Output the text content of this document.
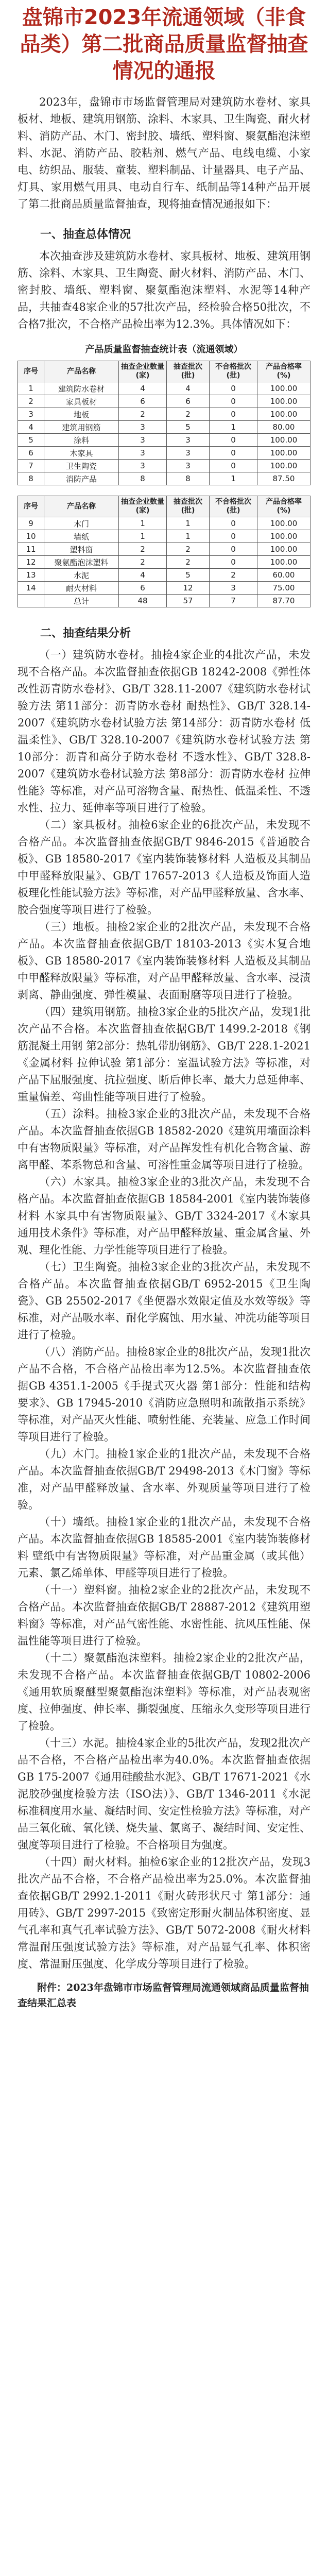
盘锦市2023年流通领域（非食品类）第二批商品质量监督抽查情况的通报

2023年，盘锦市市场监督管理局对建筑防水卷材、家具板材、地板、建筑用钢筋、涂料、木家具、卫生陶瓷、耐火材料、消防产品、木门、密封胶、墙纸、塑料窗、聚氨酯泡沫塑料、水泥、消防产品、胶粘剂、燃气产品、电线电缆、小家电、纺织品、服装、童装、塑料制品、计量器具、电子产品、灯具、家用燃气用具、电动自行车、纸制品等14种产品开展了第二批商品质量监督抽查，现将抽查情况通报如下：

一、抽查总体情况

本次抽查涉及建筑防水卷材、家具板材、地板、建筑用钢筋、涂料、木家具、卫生陶瓷、耐火材料、消防产品、木门、密封胶、墙纸、塑料窗、聚氨酯泡沫塑料、水泥等14种产品，共抽查48家企业的57批次产品，经检验合格50批次，不合格7批次，不合格产品检出率为12.3%。具体情况如下：

产品质量监督抽查统计表（流通领域）
序号	产品名称	抽查企业数量(家)	抽查批次(批)	不合格批次(批)	产品合格率(%)
1	建筑防水卷材	4	4	0	100.00
2	家具板材	6	6	0	100.00
3	地板	2	2	0	100.00
4	建筑用钢筋	3	5	1	80.00
5	涂料	3	3	0	100.00
6	木家具	3	3	0	100.00
7	卫生陶瓷	3	3	0	100.00
8	消防产品	8	8	1	87.50
序号	产品名称	抽查企业数量(家)	抽查批次(批)	不合格批次(批)	产品合格率(%)
9	木门	1	1	0	100.00
10	墙纸	1	1	0	100.00
11	塑料窗	2	2	0	100.00
12	聚氨酯泡沫塑料	2	2	0	100.00
13	水泥	4	5	2	60.00
14	耐火材料	6	12	3	75.00
	总计	48	57	7	87.70
二、抽查结果分析

（一）建筑防水卷材。抽检4家企业的4批次产品，未发现不合格产品。本次监督抽查依据GB 18242-2008《弹性体改性沥青防水卷材》、GB/T 328.11-2007《建筑防水卷材试验方法 第11部分：沥青防水卷材 耐热性》、GB/T 328.14-2007《建筑防水卷材试验方法 第14部分：沥青防水卷材 低温柔性》、GB/T 328.10-2007《建筑防水卷材试验方法 第10部分：沥青和高分子防水卷材 不透水性》、GB/T 328.8-2007《建筑防水卷材试验方法 第8部分：沥青防水卷材 拉伸性能》等标准，对产品可溶物含量、耐热性、低温柔性、不透水性、拉力、延伸率等项目进行了检验。

（二）家具板材。抽检6家企业的6批次产品，未发现不合格产品。本次监督抽查依据GB/T 9846-2015《普通胶合板》、GB 18580-2017《室内装饰装修材料 人造板及其制品中甲醛释放限量》、GB/T 17657-2013《人造板及饰面人造板理化性能试验方法》等标准，对产品甲醛释放量、含水率、胶合强度等项目进行了检验。

（三）地板。抽检2家企业的2批次产品，未发现不合格产品。本次监督抽查依据GB/T 18103-2013《实木复合地板》、GB 18580-2017《室内装饰装修材料 人造板及其制品中甲醛释放限量》等标准，对产品甲醛释放量、含水率、浸渍剥离、静曲强度、弹性模量、表面耐磨等项目进行了检验。

（四）建筑用钢筋。抽检3家企业的5批次产品，发现1批次产品不合格。本次监督抽查依据GB/T 1499.2-2018《钢筋混凝土用钢 第2部分：热轧带肋钢筋》、GB/T 228.1-2021《金属材料 拉伸试验 第1部分：室温试验方法》等标准，对产品下屈服强度、抗拉强度、断后伸长率、最大力总延伸率、重量偏差、弯曲性能等项目进行了检验。

（五）涂料。抽检3家企业的3批次产品，未发现不合格产品。本次监督抽查依据GB 18582-2020《建筑用墙面涂料中有害物质限量》等标准，对产品挥发性有机化合物含量、游离甲醛、苯系物总和含量、可溶性重金属等项目进行了检验。

（六）木家具。抽检3家企业的3批次产品，未发现不合格产品。本次监督抽查依据GB 18584-2001《室内装饰装修材料 木家具中有害物质限量》、GB/T 3324-2017《木家具通用技术条件》等标准，对产品甲醛释放量、重金属含量、外观、理化性能、力学性能等项目进行了检验。

（七）卫生陶瓷。抽检3家企业的3批次产品，未发现不合格产品。本次监督抽查依据GB/T 6952-2015《卫生陶瓷》、GB 25502-2017《坐便器水效限定值及水效等级》等标准，对产品吸水率、耐化学腐蚀、用水量、冲洗功能等项目进行了检验。

（八）消防产品。抽检8家企业的8批次产品，发现1批次产品不合格，不合格产品检出率为12.5%。本次监督抽查依据GB 4351.1-2005《手提式灭火器 第1部分：性能和结构要求》、GB 17945-2010《消防应急照明和疏散指示系统》等标准，对产品灭火性能、喷射性能、充装量、应急工作时间等项目进行了检验。

（九）木门。抽检1家企业的1批次产品，未发现不合格产品。本次监督抽查依据GB/T 29498-2013《木门窗》等标准，对产品甲醛释放量、含水率、外观质量等项目进行了检验。

（十）墙纸。抽检1家企业的1批次产品，未发现不合格产品。本次监督抽查依据GB 18585-2001《室内装饰装修材料 壁纸中有害物质限量》等标准，对产品重金属（或其他）元素、氯乙烯单体、甲醛等项目进行了检验。

（十一）塑料窗。抽检2家企业的2批次产品，未发现不合格产品。本次监督抽查依据GB/T 28887-2012《建筑用塑料窗》等标准，对产品气密性能、水密性能、抗风压性能、保温性能等项目进行了检验。

（十二）聚氨酯泡沫塑料。抽检2家企业的2批次产品，未发现不合格产品。本次监督抽查依据GB/T 10802-2006《通用软质聚醚型聚氨酯泡沫塑料》等标准，对产品表观密度、拉伸强度、伸长率、撕裂强度、压缩永久变形等项目进行了检验。

（十三）水泥。抽检4家企业的5批次产品，发现2批次产品不合格，不合格产品检出率为40.0%。本次监督抽查依据GB 175-2007《通用硅酸盐水泥》、GB/T 17671-2021《水泥胶砂强度检验方法（ISO法）》、GB/T 1346-2011《水泥标准稠度用水量、凝结时间、安定性检验方法》等标准，对产品三氧化硫、氧化镁、烧失量、氯离子、凝结时间、安定性、强度等项目进行了检验。不合格项目为强度。

（十四）耐火材料。抽检6家企业的12批次产品，发现3批次产品不合格，不合格产品检出率为25.0%。本次监督抽查依据GB/T 2992.1-2011《耐火砖形状尺寸 第1部分：通用砖》、GB/T 2997-2015《致密定形耐火制品体积密度、显气孔率和真气孔率试验方法》、GB/T 5072-2008《耐火材料 常温耐压强度试验方法》等标准，对产品显气孔率、体积密度、常温耐压强度、化学成分等项目进行了检验。

附件：2023年盘锦市市场监督管理局流通领域商品质量监督抽查结果汇总表
